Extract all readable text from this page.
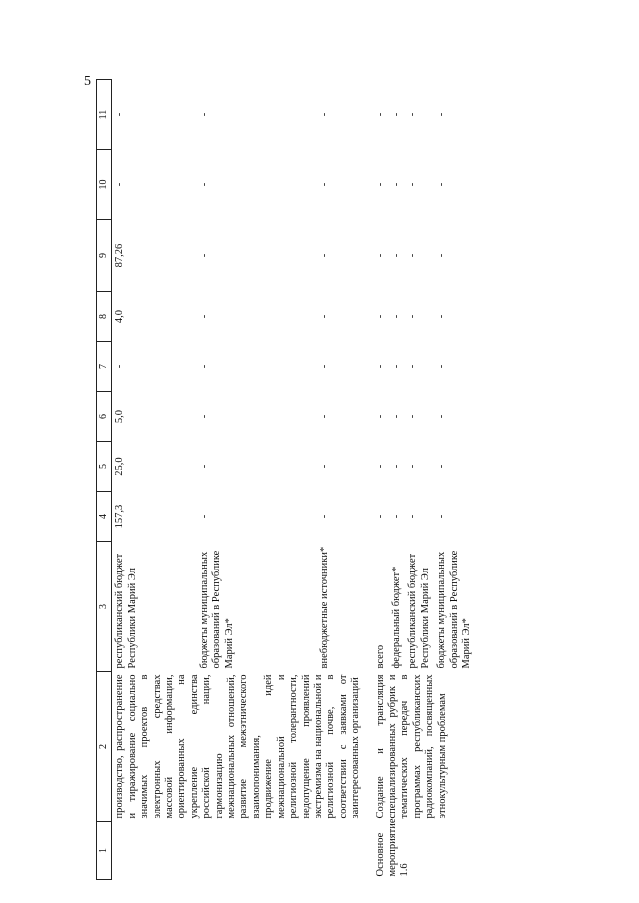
5
1	2	3	4	5	6	7	8	9	10	11
	производство, распространение и тиражирование социально значимых проектов в электронных средствах массовой информации, ориентированных на укрепление единства российской нации, гармонизацию межнациональных отношений, развитие межэтнического взаимопонимания, продвижение идей межнациональной и религиозной толерантности, недопущение проявлений экстремизма на национальной и религиозной почве, в соответствии с заявками от заинтересованных организаций	республиканский бюджет Республики Марий Эл	157,3	25,0	5,0	-	4,0	87,26	-	-
		бюджеты муниципальных образований в Республике Марий Эл*	-	-	-	-	-	-	-	-
		внебюджетные источники*	-	-	-	-	-	-	-	-

Основное мероприятие 1.6	Создание и трансляция специализированных рубрик и тематических передач в программах республиканских радиокомпаний, посвященных этнокультурным проблемам	всего	-	-	-	-	-	-	-	-
		федеральный бюджет*	-	-	-	-	-	-	-	-
		республиканский бюджет Республики Марий Эл	-	-	-	-	-	-	-	-
		бюджеты муниципальных образований в Республике Марий Эл*	-	-	-	-	-	-	-	-
